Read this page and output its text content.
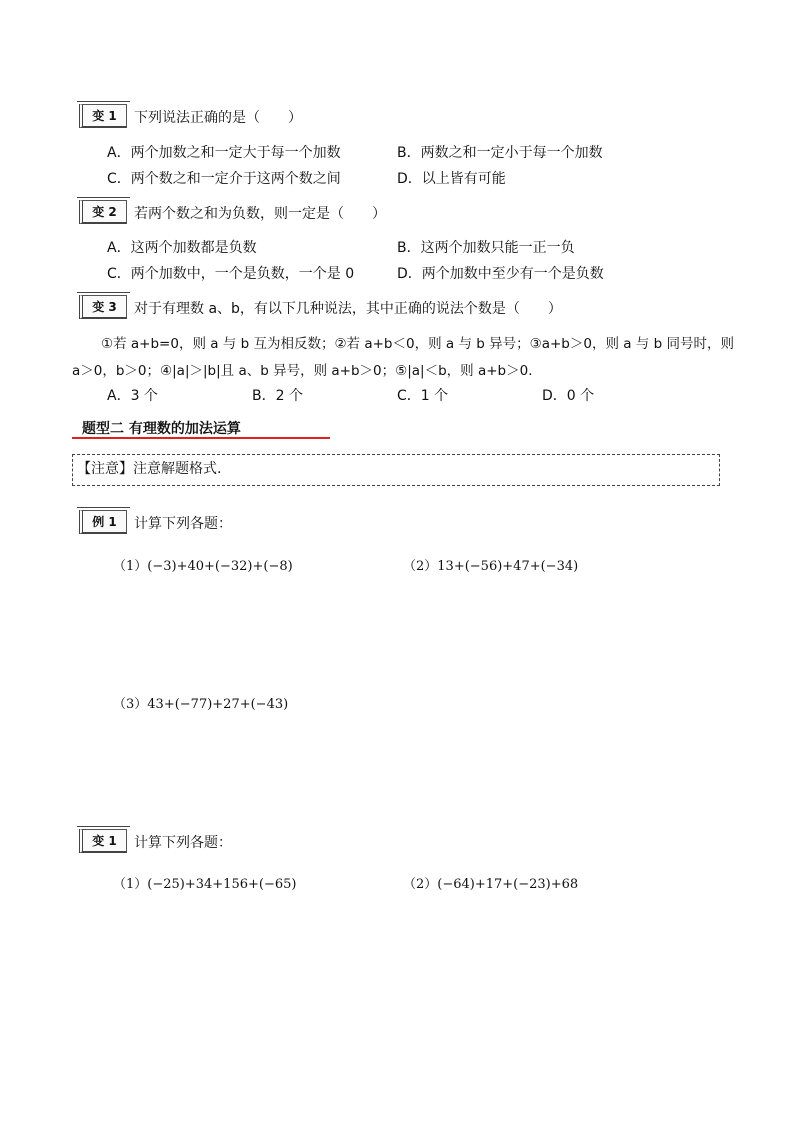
变 1	下列说法正确的是（　　）
A．两个加数之和一定大于每一个加数	B．两数之和一定小于每一个加数
C．两个数之和一定介于这两个数之间	D．以上皆有可能
变 2	若两个数之和为负数，则一定是（　　）
A．这两个加数都是负数	B．这两个加数只能一正一负
C．两个加数中，一个是负数，一个是 0	D．两个加数中至少有一个是负数
变 3	对于有理数 a、b，有以下几种说法，其中正确的说法个数是（　　）
①若 a+b=0，则 a 与 b 互为相反数；②若 a+b＜0，则 a 与 b 异号；③a+b＞0，则 a 与 b 同号时，则
a＞0，b＞0；④|a|＞|b|且 a、b 异号，则 a+b＞0；⑤|a|＜b，则 a+b＞0．
A．3 个	B．2 个	C．1 个	D．0 个
题型二 有理数的加法运算
【注意】注意解题格式.
例 1	计算下列各题：
（1）(−3)+40+(−32)+(−8)	（2）13+(−56)+47+(−34)
（3）43+(−77)+27+(−43)
变 1	计算下列各题：
（1）(−25)+34+156+(−65)	（2）(−64)+17+(−23)+68
